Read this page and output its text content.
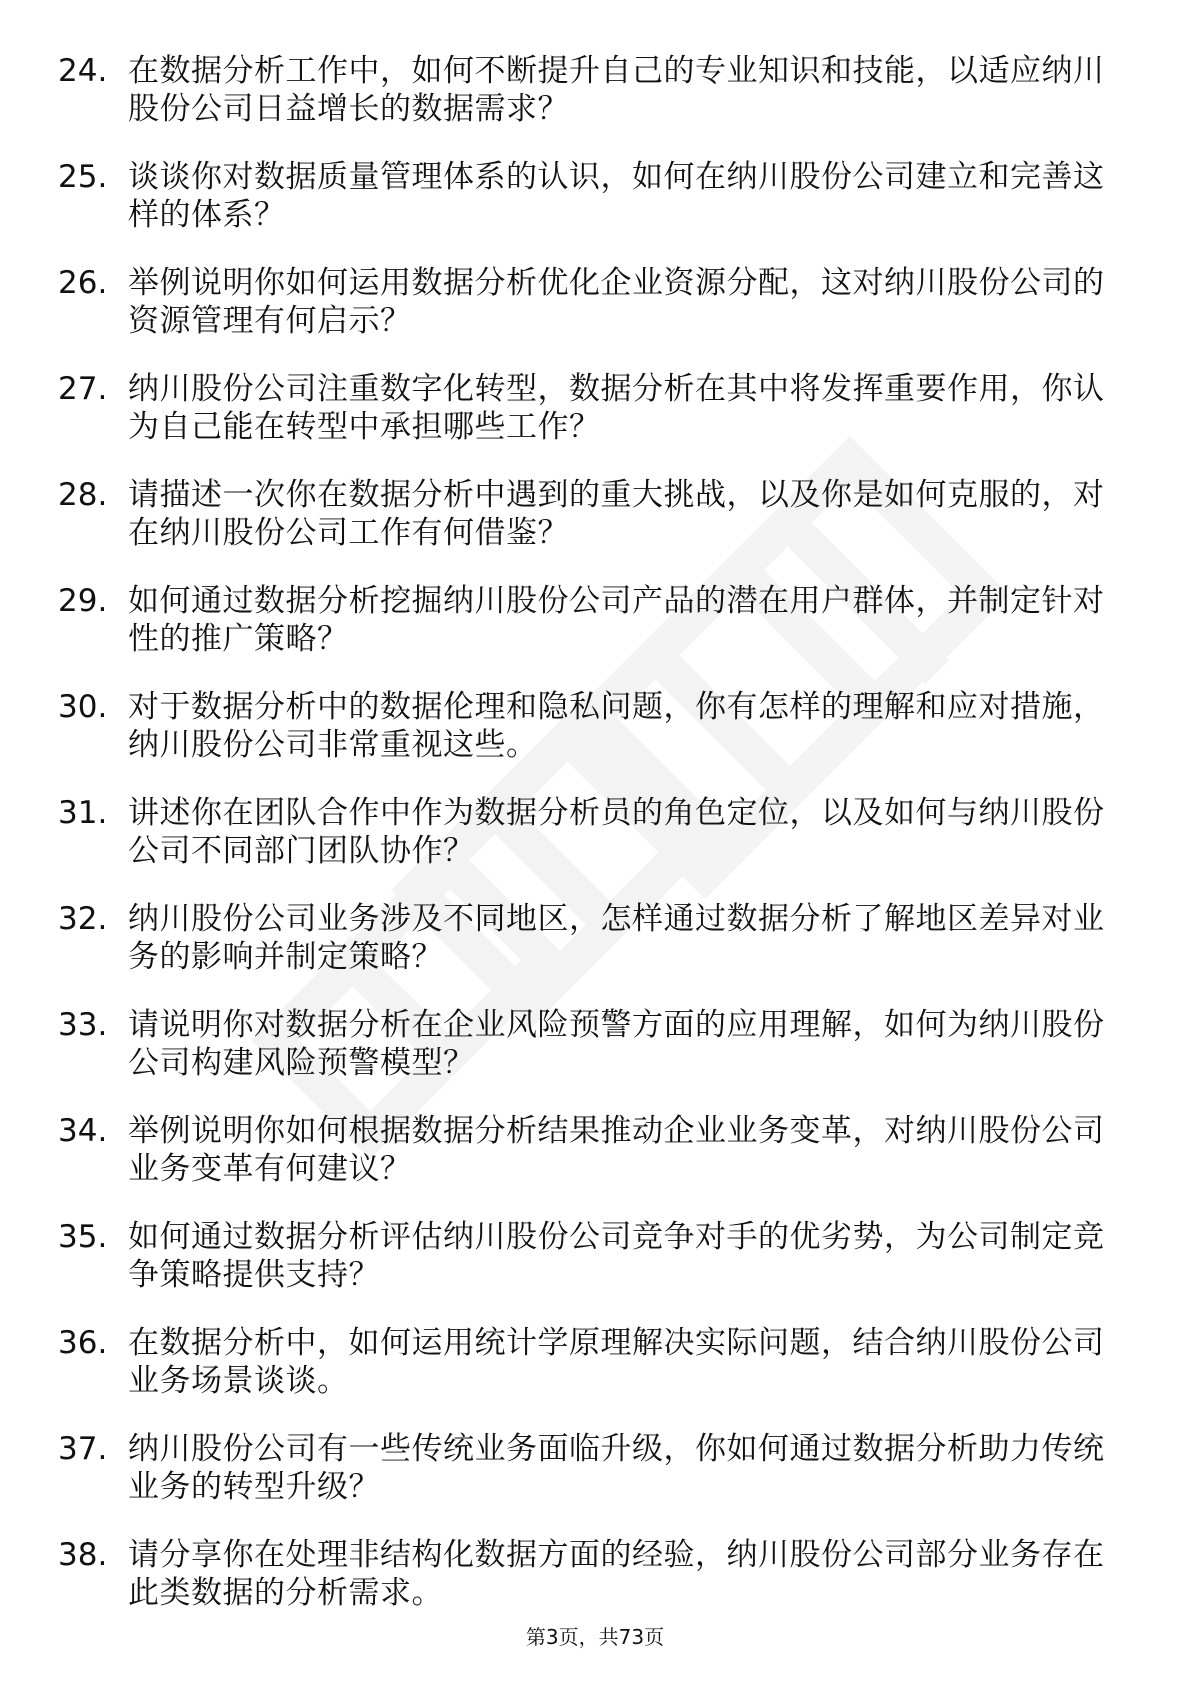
24. 在数据分析工作中，如何不断提升自己的专业知识和技能，以适应纳川股份公司日益增长的数据需求？
25. 谈谈你对数据质量管理体系的认识，如何在纳川股份公司建立和完善这样的体系？
26. 举例说明你如何运用数据分析优化企业资源分配，这对纳川股份公司的资源管理有何启示？
27. 纳川股份公司注重数字化转型，数据分析在其中将发挥重要作用，你认为自己能在转型中承担哪些工作？
28. 请描述一次你在数据分析中遇到的重大挑战，以及你是如何克服的，对在纳川股份公司工作有何借鉴？
29. 如何通过数据分析挖掘纳川股份公司产品的潜在用户群体，并制定针对性的推广策略？
30. 对于数据分析中的数据伦理和隐私问题，你有怎样的理解和应对措施，纳川股份公司非常重视这些。
31. 讲述你在团队合作中作为数据分析员的角色定位，以及如何与纳川股份公司不同部门团队协作？
32. 纳川股份公司业务涉及不同地区，怎样通过数据分析了解地区差异对业务的影响并制定策略？
33. 请说明你对数据分析在企业风险预警方面的应用理解，如何为纳川股份公司构建风险预警模型？
34. 举例说明你如何根据数据分析结果推动企业业务变革，对纳川股份公司业务变革有何建议？
35. 如何通过数据分析评估纳川股份公司竞争对手的优劣势，为公司制定竞争策略提供支持？
36. 在数据分析中，如何运用统计学原理解决实际问题，结合纳川股份公司业务场景谈谈。
37. 纳川股份公司有一些传统业务面临升级，你如何通过数据分析助力传统业务的转型升级？
38. 请分享你在处理非结构化数据方面的经验，纳川股份公司部分业务存在此类数据的分析需求。
第3页，共73页
